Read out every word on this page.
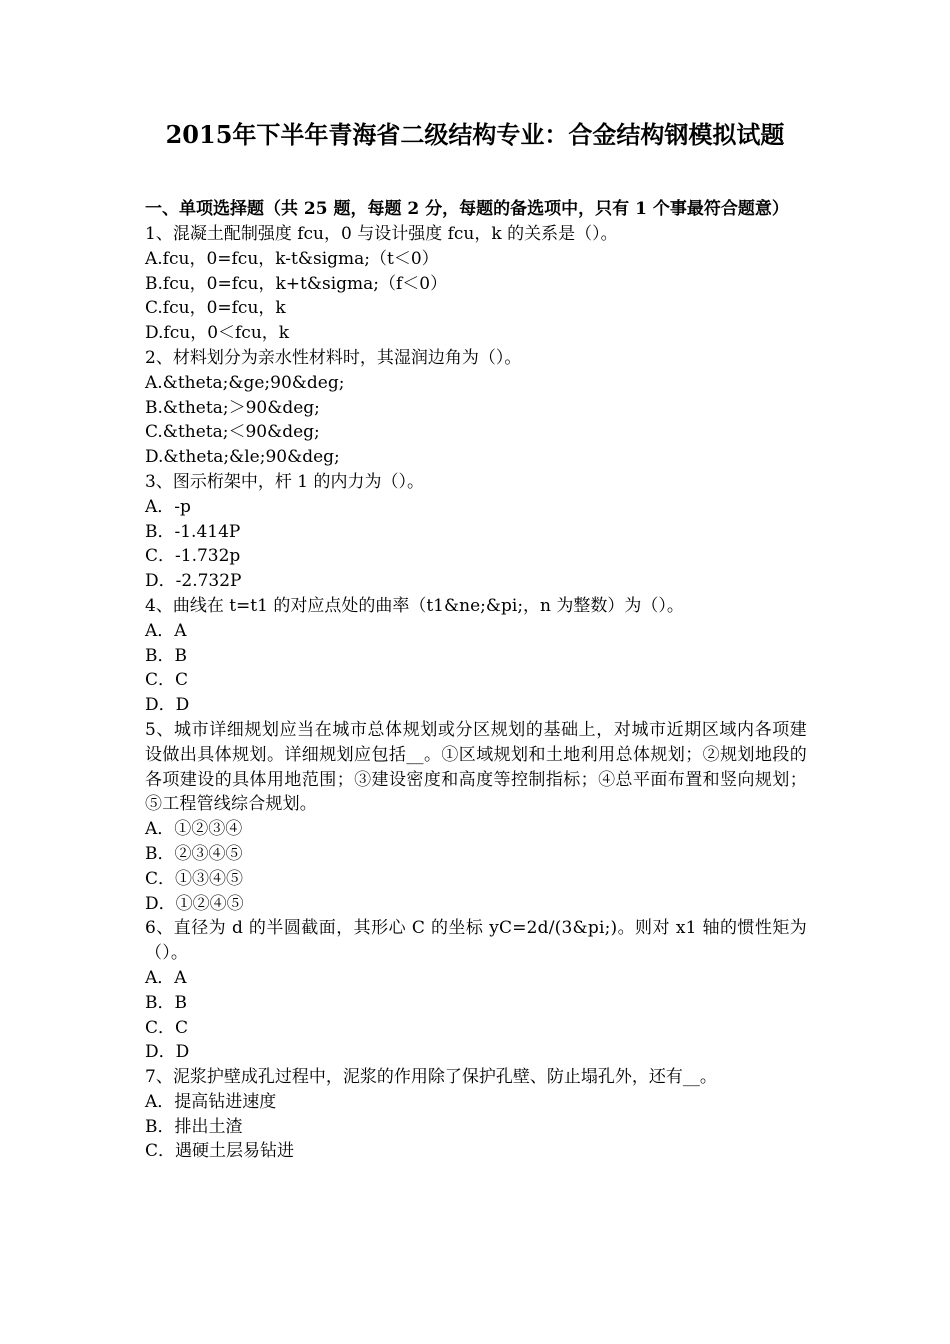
2015年下半年青海省二级结构专业：合金结构钢模拟试题
一、单项选择题（共 25 题，每题 2 分，每题的备选项中，只有 1 个事最符合题意）
1、混凝土配制强度 fcu，0 与设计强度 fcu，k 的关系是（）。
A.fcu，0=fcu，k-t&sigma;（t＜0）
B.fcu，0=fcu，k+t&sigma;（f＜0）
C.fcu，0=fcu，k
D.fcu，0＜fcu，k
2、材料划分为亲水性材料时，其湿润边角为（）。
A.&theta;&ge;90&deg;
B.&theta;＞90&deg;
C.&theta;＜90&deg;
D.&theta;&le;90&deg;
3、图示桁架中，杆 1 的内力为（）。
A．-p
B．-1.414P
C．-1.732p
D．-2.732P
4、曲线在 t=t1 的对应点处的曲率（t1&ne;&pi;，n 为整数）为（）。
A．A
B．B
C．C
D．D
5、城市详细规划应当在城市总体规划或分区规划的基础上，对城市近期区域内各项建设做出具体规划。详细规划应包括__。①区域规划和土地利用总体规划；②规划地段的各项建设的具体用地范围；③建设密度和高度等控制指标；④总平面布置和竖向规划；⑤工程管线综合规划。
A．①②③④
B．②③④⑤
C．①③④⑤
D．①②④⑤
6、直径为 d 的半圆截面，其形心 C 的坐标 yC=2d/(3&pi;)。则对 x1 轴的惯性矩为（）。
A．A
B．B
C．C
D．D
7、泥浆护壁成孔过程中，泥浆的作用除了保护孔壁、防止塌孔外，还有__。
A．提高钻进速度
B．排出土渣
C．遇硬土层易钻进
